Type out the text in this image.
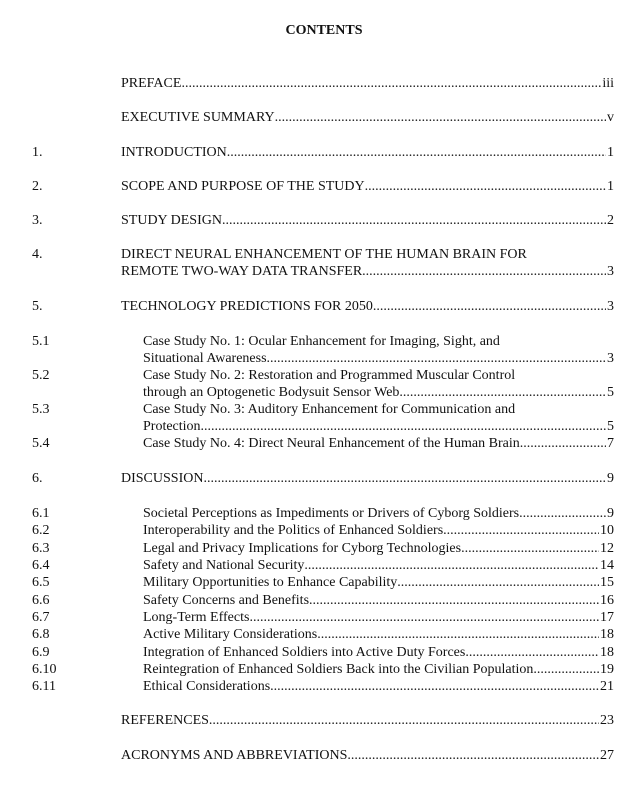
CONTENTS
PREFACE .....	iii
EXECUTIVE SUMMARY .....	v
1.	INTRODUCTION .....	1
2.	SCOPE AND PURPOSE OF THE STUDY .....	1
3.	STUDY DESIGN .....	2
4.	DIRECT NEURAL ENHANCEMENT OF THE HUMAN BRAIN FOR
REMOTE TWO-WAY DATA TRANSFER .....	3
5.	TECHNOLOGY PREDICTIONS FOR 2050 .....	3
5.1	Case Study No. 1: Ocular Enhancement for Imaging, Sight, and
Situational Awareness .....	3
5.2	Case Study No. 2: Restoration and Programmed Muscular Control
through an Optogenetic Bodysuit Sensor Web .....	5
5.3	Case Study No. 3: Auditory Enhancement for Communication and
Protection .....	5
5.4	Case Study No. 4: Direct Neural Enhancement of the Human Brain .....	7
6.	DISCUSSION .....	9
6.1	Societal Perceptions as Impediments or Drivers of Cyborg Soldiers .....	9
6.2	Interoperability and the Politics of Enhanced Soldiers .....	10
6.3	Legal and Privacy Implications for Cyborg Technologies .....	12
6.4	Safety and National Security .....	14
6.5	Military Opportunities to Enhance Capability .....	15
6.6	Safety Concerns and Benefits .....	16
6.7	Long-Term Effects .....	17
6.8	Active Military Considerations .....	18
6.9	Integration of Enhanced Soldiers into Active Duty Forces .....	18
6.10	Reintegration of Enhanced Soldiers Back into the Civilian Population .....	19
6.11	Ethical Considerations .....	21
REFERENCES .....	23
ACRONYMS AND ABBREVIATIONS .....	27
